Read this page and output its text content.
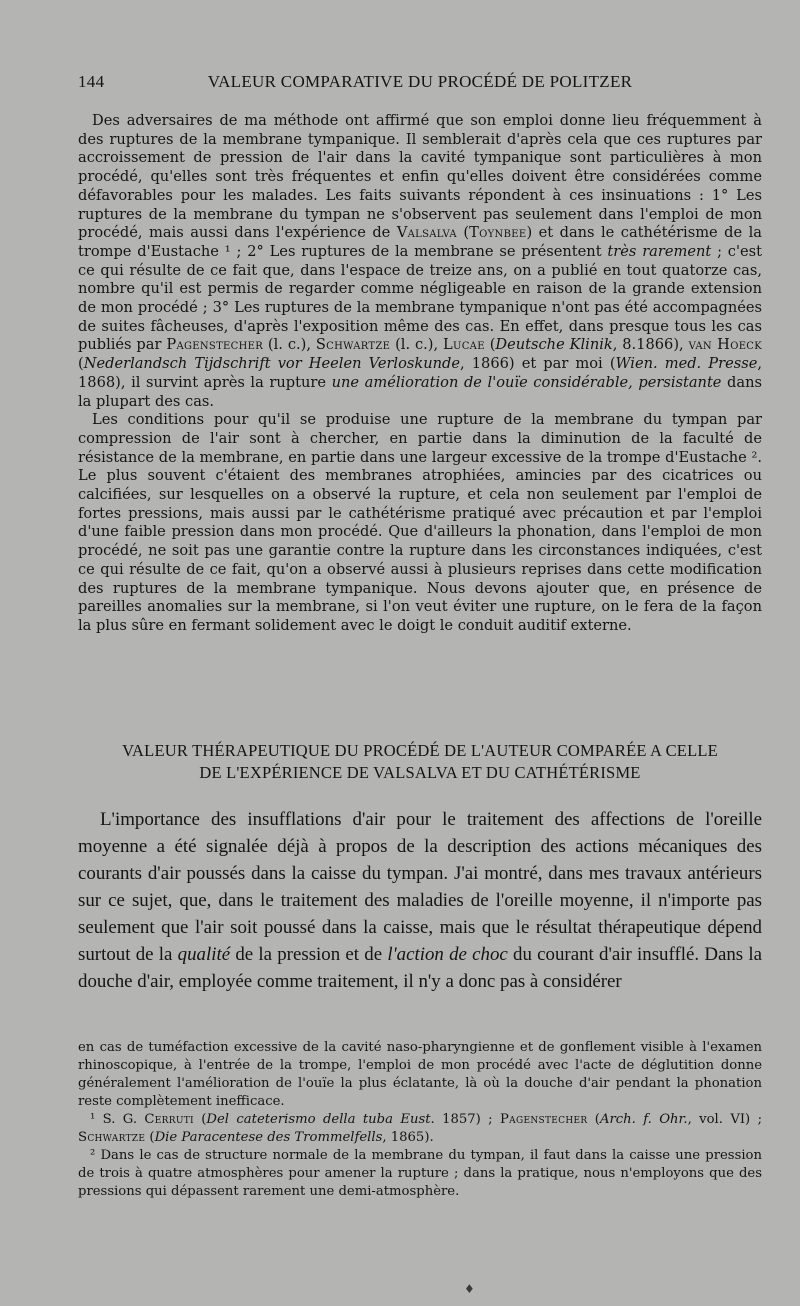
144	VALEUR COMPARATIVE DU PROCÉDÉ DE POLITZER

Des adversaires de ma méthode ont affirmé que son emploi donne lieu fréquemment à des ruptures de la membrane tympanique. Il semblerait d'après cela que ces ruptures par accroissement de pression de l'air dans la cavité tympanique sont particulières à mon procédé, qu'elles sont très fréquentes et enfin qu'elles doivent être considérées comme défavorables pour les malades. Les faits suivants répondent à ces insinuations : 1° Les ruptures de la membrane du tympan ne s'observent pas seulement dans l'emploi de mon procédé, mais aussi dans l'expérience de Valsalva (Toynbee) et dans le cathétérisme de la trompe d'Eustache ¹ ; 2° Les ruptures de la membrane se présentent très rarement ; c'est ce qui résulte de ce fait que, dans l'espace de treize ans, on a publié en tout quatorze cas, nombre qu'il est permis de regarder comme négligeable en raison de la grande extension de mon procédé ; 3° Les ruptures de la membrane tympanique n'ont pas été accompagnées de suites fâcheuses, d'après l'exposition même des cas. En effet, dans presque tous les cas publiés par Pagenstecher (l. c.), Schwartze (l. c.), Lucae (Deutsche Klinik, 8.1866), van Hoeck (Nederlandsch Tijdschrift vor Heelen Verloskunde, 1866) et par moi (Wien. med. Presse, 1868), il survint après la rupture une amélioration de l'ouïe considérable, persistante dans la plupart des cas.

Les conditions pour qu'il se produise une rupture de la membrane du tympan par compression de l'air sont à chercher, en partie dans la diminution de la faculté de résistance de la membrane, en partie dans une largeur excessive de la trompe d'Eustache ². Le plus souvent c'étaient des membranes atrophiées, amincies par des cicatrices ou calcifiées, sur lesquelles on a observé la rupture, et cela non seulement par l'emploi de fortes pressions, mais aussi par le cathétérisme pratiqué avec précaution et par l'emploi d'une faible pression dans mon procédé. Que d'ailleurs la phonation, dans l'emploi de mon procédé, ne soit pas une garantie contre la rupture dans les circonstances indiquées, c'est ce qui résulte de ce fait, qu'on a observé aussi à plusieurs reprises dans cette modification des ruptures de la membrane tympanique. Nous devons ajouter que, en présence de pareilles anomalies sur la membrane, si l'on veut éviter une rupture, on le fera de la façon la plus sûre en fermant solidement avec le doigt le conduit auditif externe.

VALEUR THÉRAPEUTIQUE DU PROCÉDÉ DE L'AUTEUR COMPARÉE A CELLE
DE L'EXPÉRIENCE DE VALSALVA ET DU CATHÉTÉRISME

L'importance des insufflations d'air pour le traitement des affections de l'oreille moyenne a été signalée déjà à propos de la description des actions mécaniques des courants d'air poussés dans la caisse du tympan. J'ai montré, dans mes travaux antérieurs sur ce sujet, que, dans le traitement des maladies de l'oreille moyenne, il n'importe pas seulement que l'air soit poussé dans la caisse, mais que le résultat thérapeutique dépend surtout de la qualité de la pression et de l'action de choc du courant d'air insufflé. Dans la douche d'air, employée comme traitement, il n'y a donc pas à considérer

en cas de tuméfaction excessive de la cavité naso-pharyngienne et de gonflement visible à l'examen rhinoscopique, à l'entrée de la trompe, l'emploi de mon procédé avec l'acte de déglutition donne généralement l'amélioration de l'ouïe la plus éclatante, là où la douche d'air pendant la phonation reste complètement inefficace.

¹ S. G. Cerruti (Del cateterismo della tuba Eust. 1857) ; Pagenstecher (Arch. f. Ohr., vol. VI) ; Schwartze (Die Paracentese des Trommelfells, 1865).

² Dans le cas de structure normale de la membrane du tympan, il faut dans la caisse une pression de trois à quatre atmosphères pour amener la rupture ; dans la pratique, nous n'employons que des pressions qui dépassent rarement une demi-atmosphère.

♦
